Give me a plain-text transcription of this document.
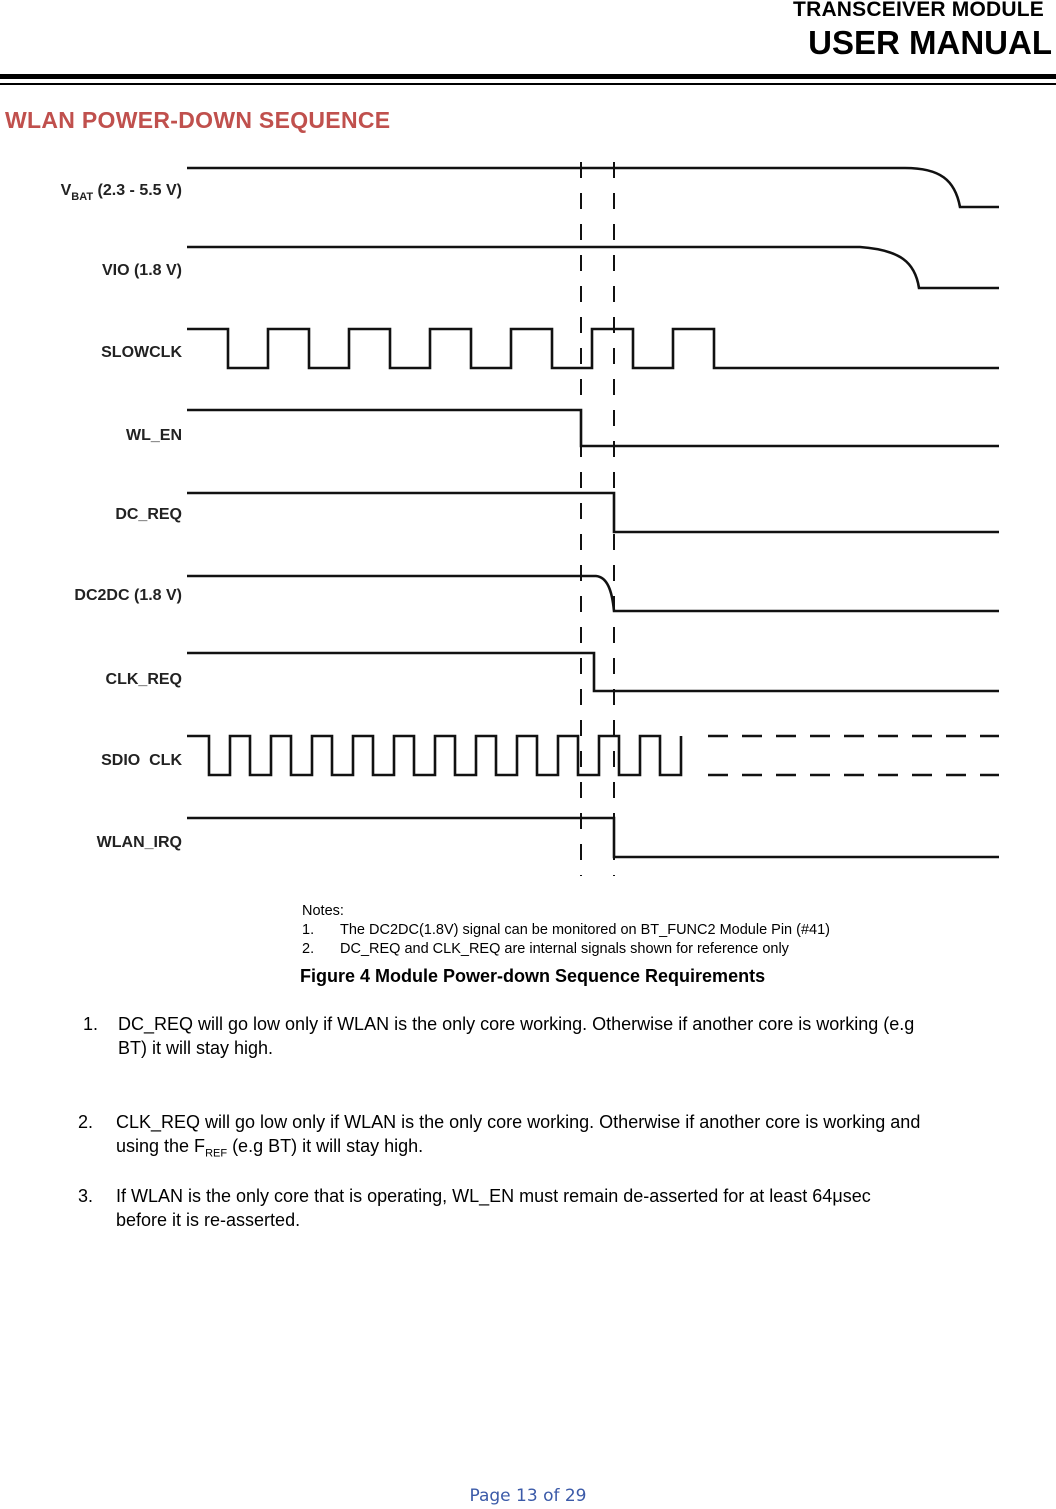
TRANSCEIVER MODULE

USER MANUAL

WLAN POWER-DOWN SEQUENCE
$V_{BAT}$ (2.3 - 5.5 V)
VIO (1.8 V)
SLOWCLK
WL_EN
DC_REQ
DC2DC (1.8 V)
CLK_REQ
SDIO  CLK
WLAN_IRQ
Notes:
1. The DC2DC(1.8V) signal can be monitored on BT_FUNC2 Module Pin (#41)
2. DC_REQ and CLK_REQ are internal signals shown for reference only

Figure 4 Module Power-down Sequence Requirements

1. DC_REQ will go low only if WLAN is the only core working. Otherwise if another core is working (e.g
BT) it will stay high.
2. CLK_REQ will go low only if WLAN is the only core working. Otherwise if another core is working and
using the $F_{REF}$ (e.g BT) it will stay high.
3. If WLAN is the only core that is operating, WL_EN must remain de-asserted for at least 64μsec
before it is re-asserted.
Page 13 of 29
